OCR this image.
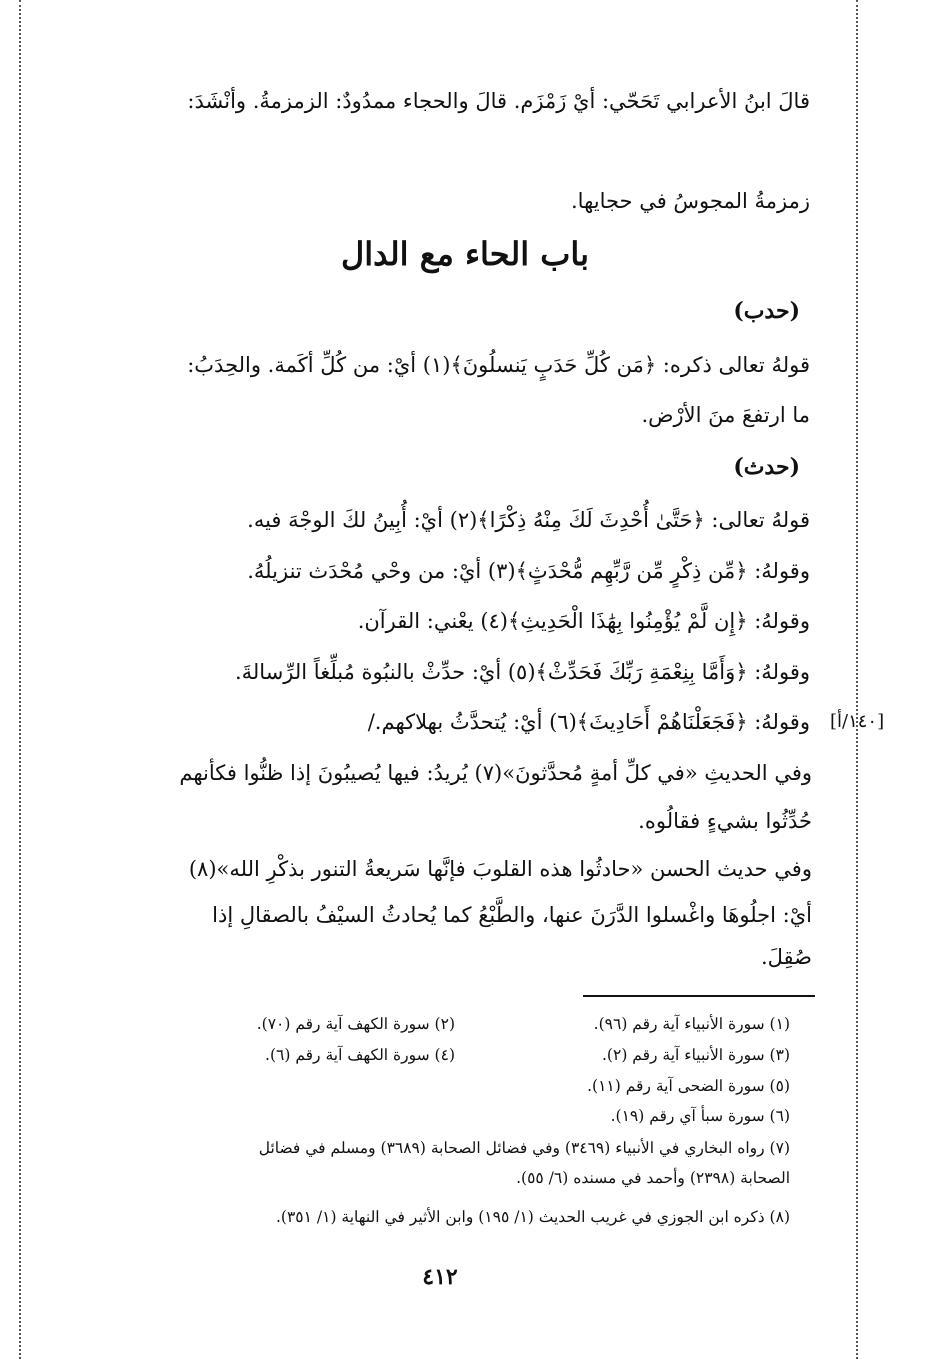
قالَ ابنُ الأعرابي تَحَحّي: أيْ زَمْزَم. قالَ والحجاء ممدُودٌ: الزمزمةُ. وأنْشَدَ:
زمزمةُ المجوسُ في حجايها.
باب الحاء مع الدال
(حدب)
قولهُ تعالى ذكره: ﴿مَن كُلِّ حَدَبٍ يَنسلُونَ﴾(١) أيْ: من كُلِّ أكَمة. والحِدَبُ:
ما ارتفعَ منَ الأرْض.
(حدث)
قولهُ تعالى: ﴿حَتَّىٰ أُحْدِثَ لَكَ مِنْهُ ذِكْرًا﴾(٢) أيْ: أُبِينُ لكَ الوجْهَ فيه.
وقولهُ: ﴿مِّن ذِكْرٍ مِّن رَّبِّهِم مُّحْدَثٍ﴾(٣) أيْ: من وحْي مُحْدَث تنزيلُهُ.
وقولهُ: ﴿إِن لَّمْ يُؤْمِنُوا بِهَٰذَا الْحَدِيثِ﴾(٤) يعْني: القرآن.
وقولهُ: ﴿وَأَمَّا بِنِعْمَةِ رَبِّكَ فَحَدِّثْ﴾(٥) أيْ: حدِّثْ بالنبُوة مُبلِّغاً الرِّسالةَ.
وقولهُ: ﴿فَجَعَلْنَاهُمْ أَحَادِيثَ﴾(٦) أيْ: يُتحدَّثُ بهلاكهم./ [١٤٠/أ]
وفي الحديثِ «في كلِّ أمةٍ مُحدَّثونَ»(٧) يُريدُ: فيها يُصيبُونَ إذا ظنُّوا فكأنهم
حُدِّثُوا بشيءٍ فقالُوه.
وفي حديث الحسن «حادثُوا هذه القلوبَ فإنَّها سَريعةُ التنور بذكْرِ الله»(٨)
أيْ: اجلُوهَا واغْسلوا الدَّرَنَ عنها، والطَّبْعُ كما يُحادثُ السيْفُ بالصقالِ إذا
صُقِلَ.
(١) سورة الأنبياء آية رقم (٩٦).
(٢) سورة الكهف آية رقم (٧٠).
(٣) سورة الأنبياء آية رقم (٢).
(٤) سورة الكهف آية رقم (٦).
(٥) سورة الضحى آية رقم (١١).
(٦) سورة سبأ آي رقم (١٩).
(٧) رواه البخاري في الأنبياء (٣٤٦٩) وفي فضائل الصحابة (٣٦٨٩) ومسلم في فضائل
الصحابة (٢٣٩٨) وأحمد في مسنده (٦/ ٥٥).
(٨) ذكره ابن الجوزي في غريب الحديث (١/ ١٩٥) وابن الأثير في النهاية (١/ ٣٥١).
٤١٢
